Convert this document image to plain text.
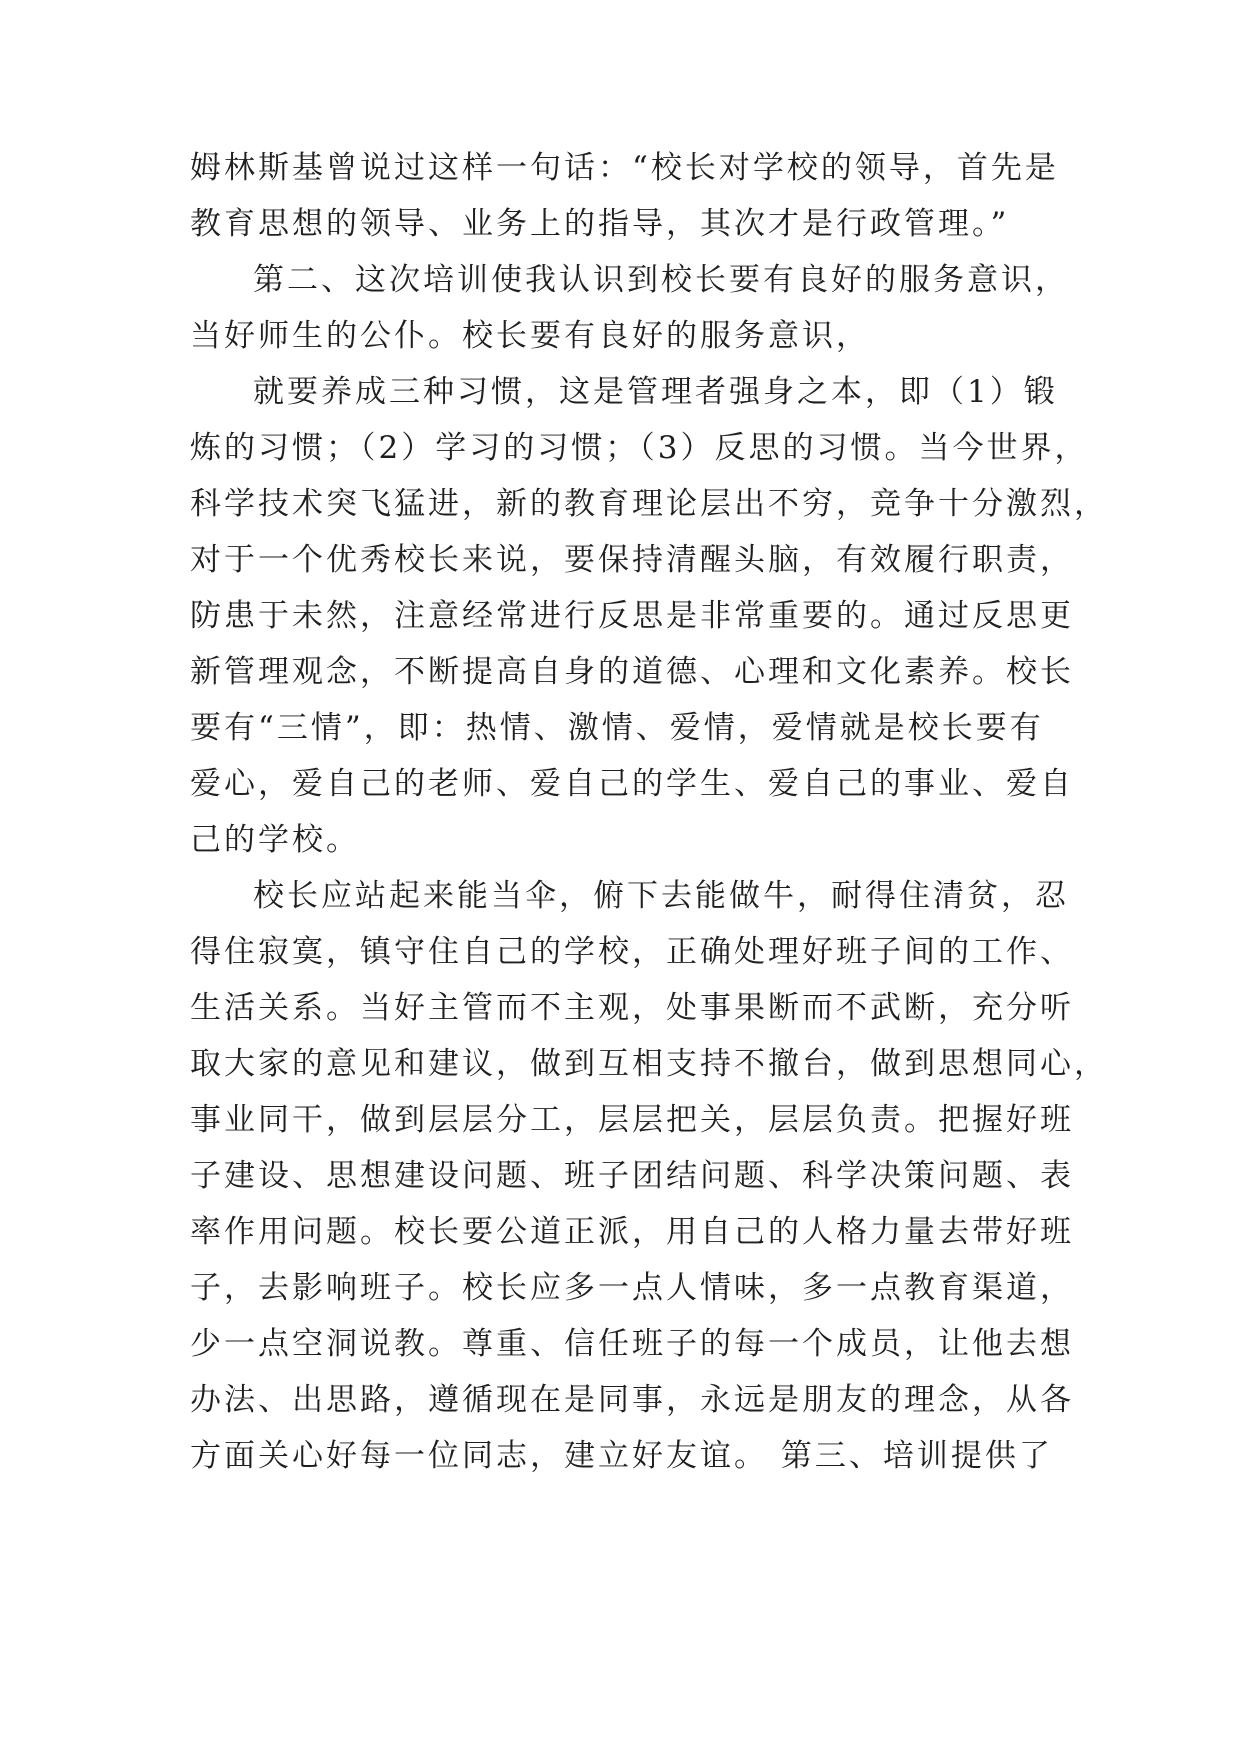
姆林斯基曾说过这样一句话：“校长对学校的领导，首先是
教育思想的领导、业务上的指导，其次才是行政管理。”
第二、这次培训使我认识到校长要有良好的服务意识，
当好师生的公仆。校长要有良好的服务意识，
就要养成三种习惯，这是管理者强身之本，即（1）锻
炼的习惯；（2）学习的习惯；（3）反思的习惯。当今世界，
科学技术突飞猛进，新的教育理论层出不穷，竞争十分激烈，
对于一个优秀校长来说，要保持清醒头脑，有效履行职责，
防患于未然，注意经常进行反思是非常重要的。通过反思更
新管理观念，不断提高自身的道德、心理和文化素养。校长
要有“三情”，即：热情、激情、爱情，爱情就是校长要有
爱心，爱自己的老师、爱自己的学生、爱自己的事业、爱自
己的学校。
校长应站起来能当伞，俯下去能做牛，耐得住清贫，忍
得住寂寞，镇守住自己的学校，正确处理好班子间的工作、
生活关系。当好主管而不主观，处事果断而不武断，充分听
取大家的意见和建议，做到互相支持不撤台，做到思想同心，
事业同干，做到层层分工，层层把关，层层负责。把握好班
子建设、思想建设问题、班子团结问题、科学决策问题、表
率作用问题。校长要公道正派，用自己的人格力量去带好班
子，去影响班子。校长应多一点人情味，多一点教育渠道，
少一点空洞说教。尊重、信任班子的每一个成员，让他去想
办法、出思路，遵循现在是同事，永远是朋友的理念，从各
方面关心好每一位同志，建立好友谊。 第三、培训提供了
